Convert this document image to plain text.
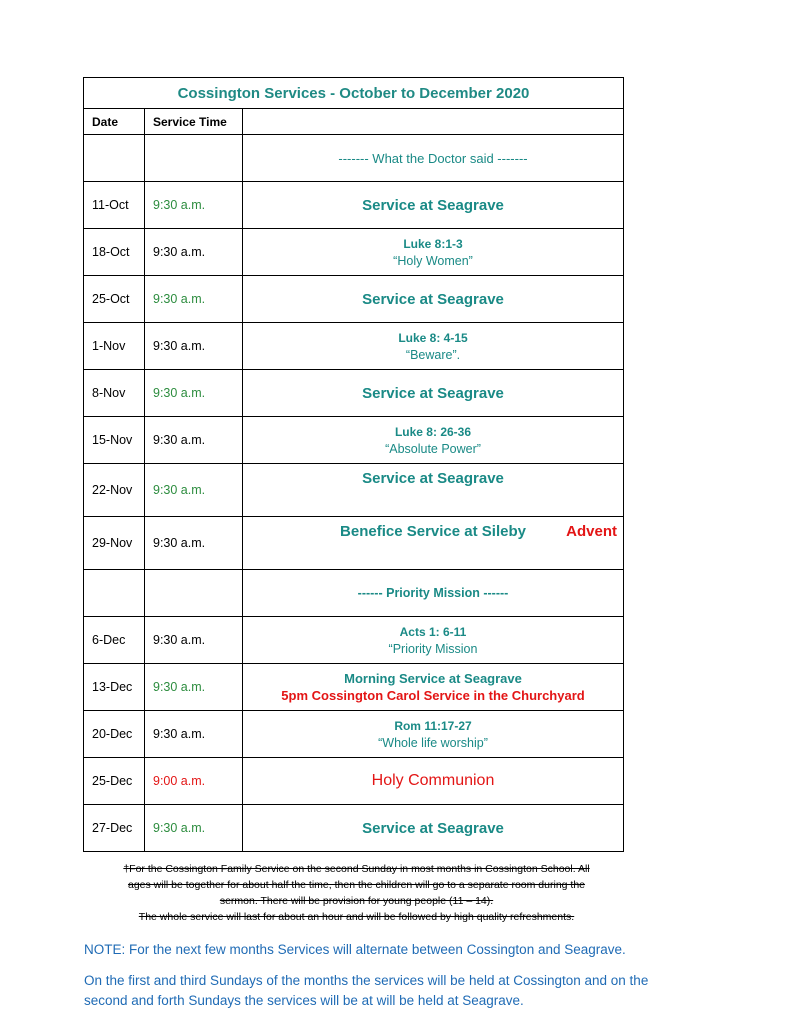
Cossington Services - October to December 2020		
Date	Service Time	
		------- What the Doctor said -------
11-Oct	9:30 a.m.	Service at Seagrave
18-Oct	9:30 a.m.	Luke 8:1-3
“Holy Women”

25-Oct	9:30 a.m.	Service at Seagrave
1-Nov	9:30 a.m.	Luke 8: 4-15
“Beware”.

8-Nov	9:30 a.m.	Service at Seagrave
15-Nov	9:30 a.m.	Luke 8: 26-36
“Absolute Power”

22-Nov	9:30 a.m.	Service at Seagrave
29-Nov	9:30 a.m.	Benefice Service at Sileby Advent

		------ Priority Mission ------
6-Dec	9:30 a.m.	Acts 1: 6-11
“Priority Mission

13-Dec	9:30 a.m.	Morning Service at Seagrave
5pm Cossington Carol Service in the Churchyard

20-Dec	9:30 a.m.	Rom 11:17-27
“Whole life worship”

25-Dec	9:00 a.m.	Holy Communion
27-Dec	9:30 a.m.	Service at Seagrave
†For the Cossington Family Service on the second Sunday in most months in Cossington School. All
ages will be together for about half the time, then the children will go to a separate room during the
sermon. There will be provision for young people (11 – 14).
The whole service will last for about an hour and will be followed by high quality refreshments.
NOTE: For the next few months Services will alternate between Cossington and Seagrave.
On the first and third Sundays of the months the services will be held at Cossington and on the
second and forth Sundays the services will be at will be held at Seagrave.
